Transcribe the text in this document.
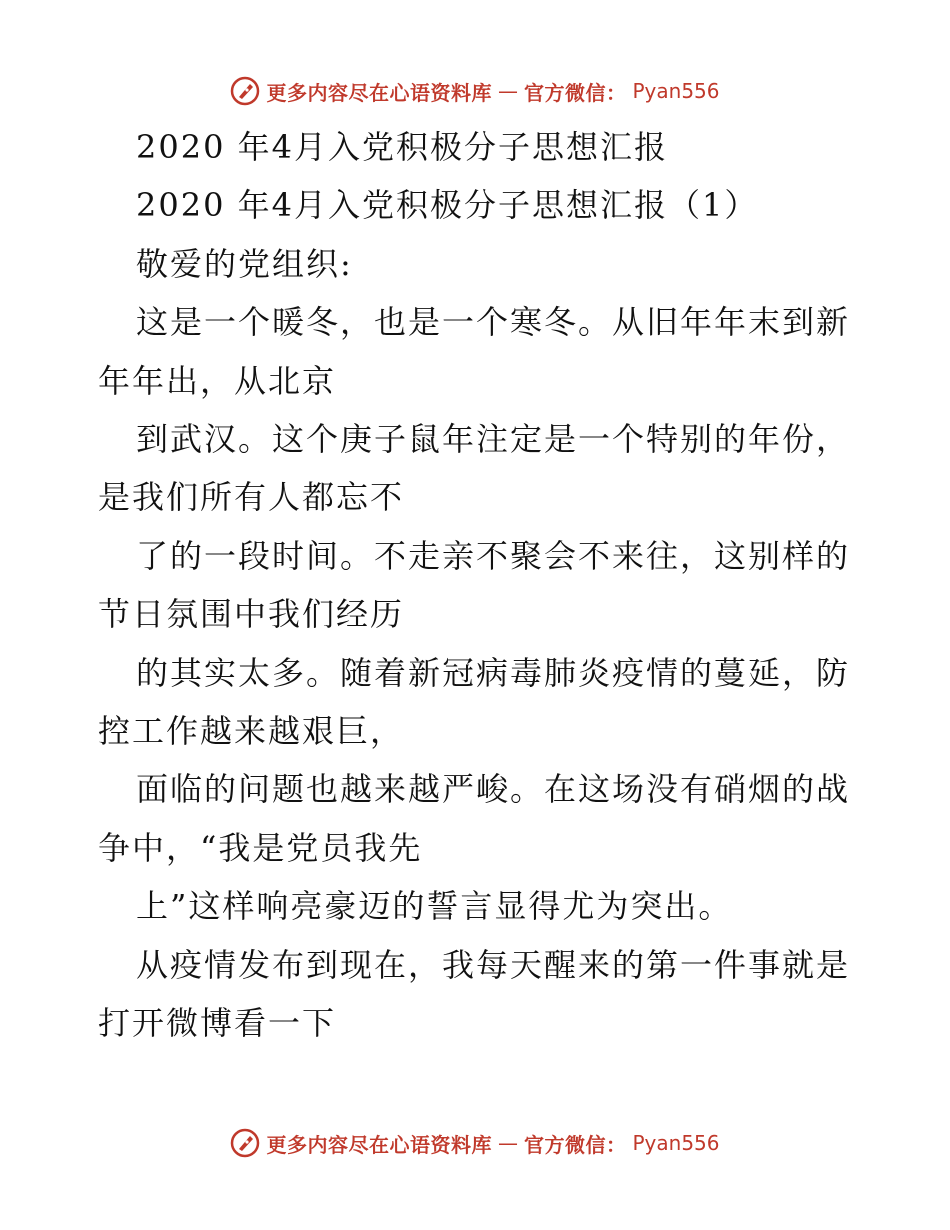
更多内容尽在心语资料库 — 官方微信： Pyan556
2020 年4月入党积极分子思想汇报
2020 年4月入党积极分子思想汇报（1）
敬爱的党组织:
这是一个暖冬，也是一个寒冬。从旧年年末到新
年年出，从北京
到武汉。这个庚子鼠年注定是一个特别的年份，
是我们所有人都忘不
了的一段时间。不走亲不聚会不来往，这别样的
节日氛围中我们经历
的其实太多。随着新冠病毒肺炎疫情的蔓延，防
控工作越来越艰巨，
面临的问题也越来越严峻。在这场没有硝烟的战
争中，“我是党员我先
上”这样响亮豪迈的誓言显得尤为突出。
从疫情发布到现在，我每天醒来的第一件事就是
打开微博看一下
更多内容尽在心语资料库 — 官方微信： Pyan556
